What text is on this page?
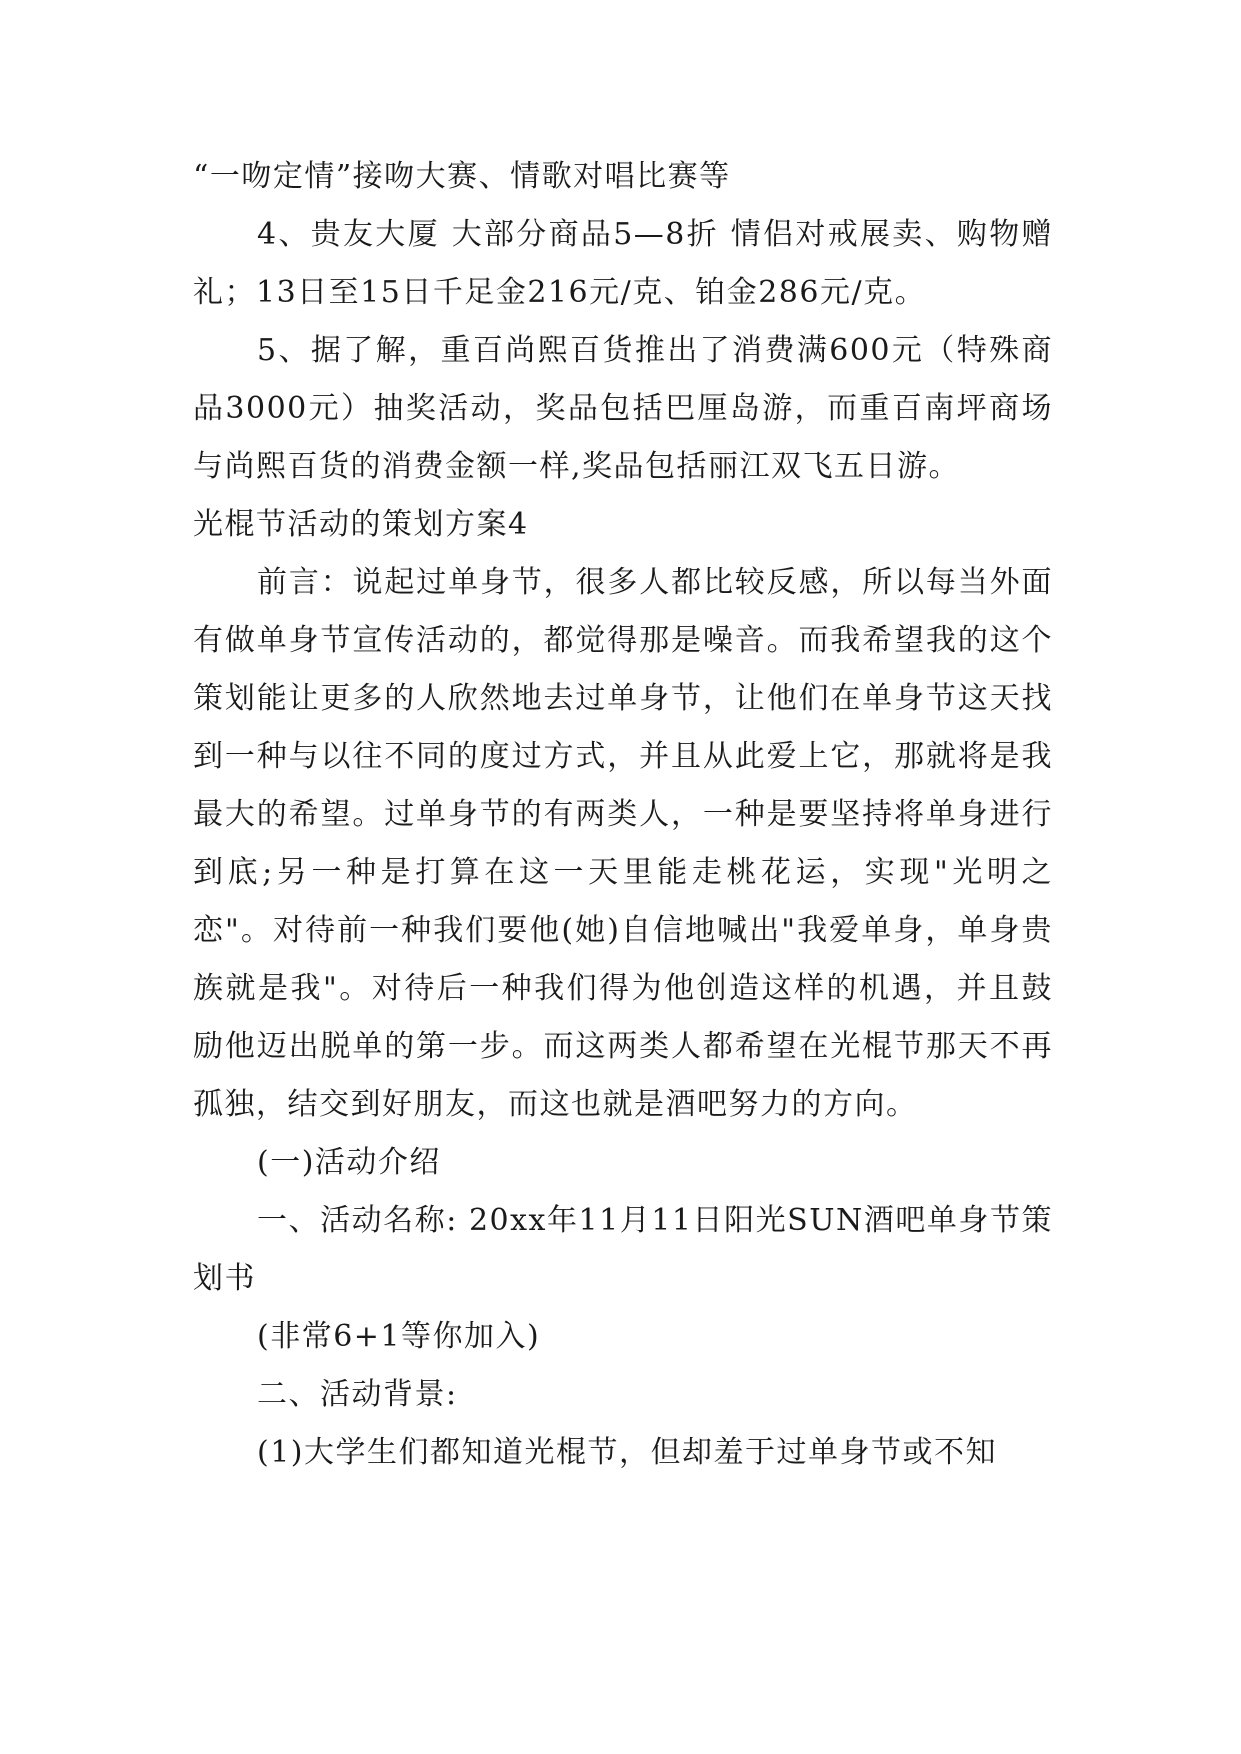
“一吻定情”接吻大赛、情歌对唱比赛等

4、贵友大厦 大部分商品5—8折 情侣对戒展卖、购物赠礼；13日至15日千足金216元/克、铂金286元/克。

5、据了解，重百尚熙百货推出了消费满600元（特殊商品3000元）抽奖活动，奖品包括巴厘岛游，而重百南坪商场与尚熙百货的消费金额一样,奖品包括丽江双飞五日游。

光棍节活动的策划方案4

前言：说起过单身节，很多人都比较反感，所以每当外面有做单身节宣传活动的，都觉得那是噪音。而我希望我的这个策划能让更多的人欣然地去过单身节，让他们在单身节这天找到一种与以往不同的度过方式，并且从此爱上它，那就将是我最大的希望。过单身节的有两类人，一种是要坚持将单身进行到底;另一种是打算在这一天里能走桃花运，实现"光明之恋"。对待前一种我们要他(她)自信地喊出"我爱单身，单身贵族就是我"。对待后一种我们得为他创造这样的机遇，并且鼓励他迈出脱单的第一步。而这两类人都希望在光棍节那天不再孤独，结交到好朋友，而这也就是酒吧努力的方向。

(一)活动介绍

一、活动名称: 20xx年11月11日阳光SUN酒吧单身节策划书

(非常6+1等你加入)

二、活动背景:

(1)大学生们都知道光棍节，但却羞于过单身节或不知
